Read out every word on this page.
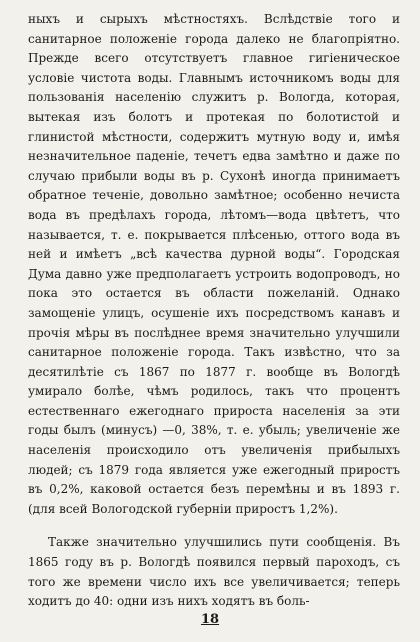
ныхъ и сырыхъ мѣстностяхъ. Вслѣдствіе того и санитарное положеніе города далеко не благопріятно. Прежде всего отсутствуетъ главное гигіеническое условіе чистота воды. Главнымъ источникомъ воды для пользованія населенію служитъ р. Вологда, которая, вытекая изъ болотъ и протекая по болотистой и глинистой мѣстности, содержитъ мутную воду и, имѣя незначительное паденіе, течетъ едва замѣтно и даже по случаю прибыли воды въ р. Сухонѣ иногда принимаетъ обратное теченіе, довольно замѣтное; особенно нечиста вода въ предѣлахъ города, лѣтомъ—вода цвѣтетъ, что называется, т. е. покрывается плѣсенью, оттого вода въ ней и имѣетъ „всѣ качества дурной воды“. Городская Дума давно уже предполагаетъ устроить водопроводъ, но пока это остается въ области пожеланій. Однако замощеніе улицъ, осушеніе ихъ посредствомъ канавъ и прочія мѣры въ послѣднее время значительно улучшили санитарное положеніе города. Такъ извѣстно, что за десятилѣтіе съ 1867 по 1877 г. вообще въ Вологдѣ умирало болѣе, чѣмъ родилось, такъ что процентъ естественнаго ежегоднаго прироста населенія за эти годы былъ (минусъ) —0, 38%, т. е. убыль; увеличеніе же населенія происходило отъ увеличенія прибылыхъ людей; съ 1879 года является уже ежегодный приростъ въ 0,2%, каковой остается безъ перемѣны и въ 1893 г. (для всей Вологодской губерніи приростъ 1,2%).

Также значительно улучшились пути сообщенія. Въ 1865 году въ р. Вологдѣ появился первый пароходъ, съ того же времени число ихъ все увеличивается; теперь ходитъ до 40: одни изъ нихъ ходятъ въ боль-

18
